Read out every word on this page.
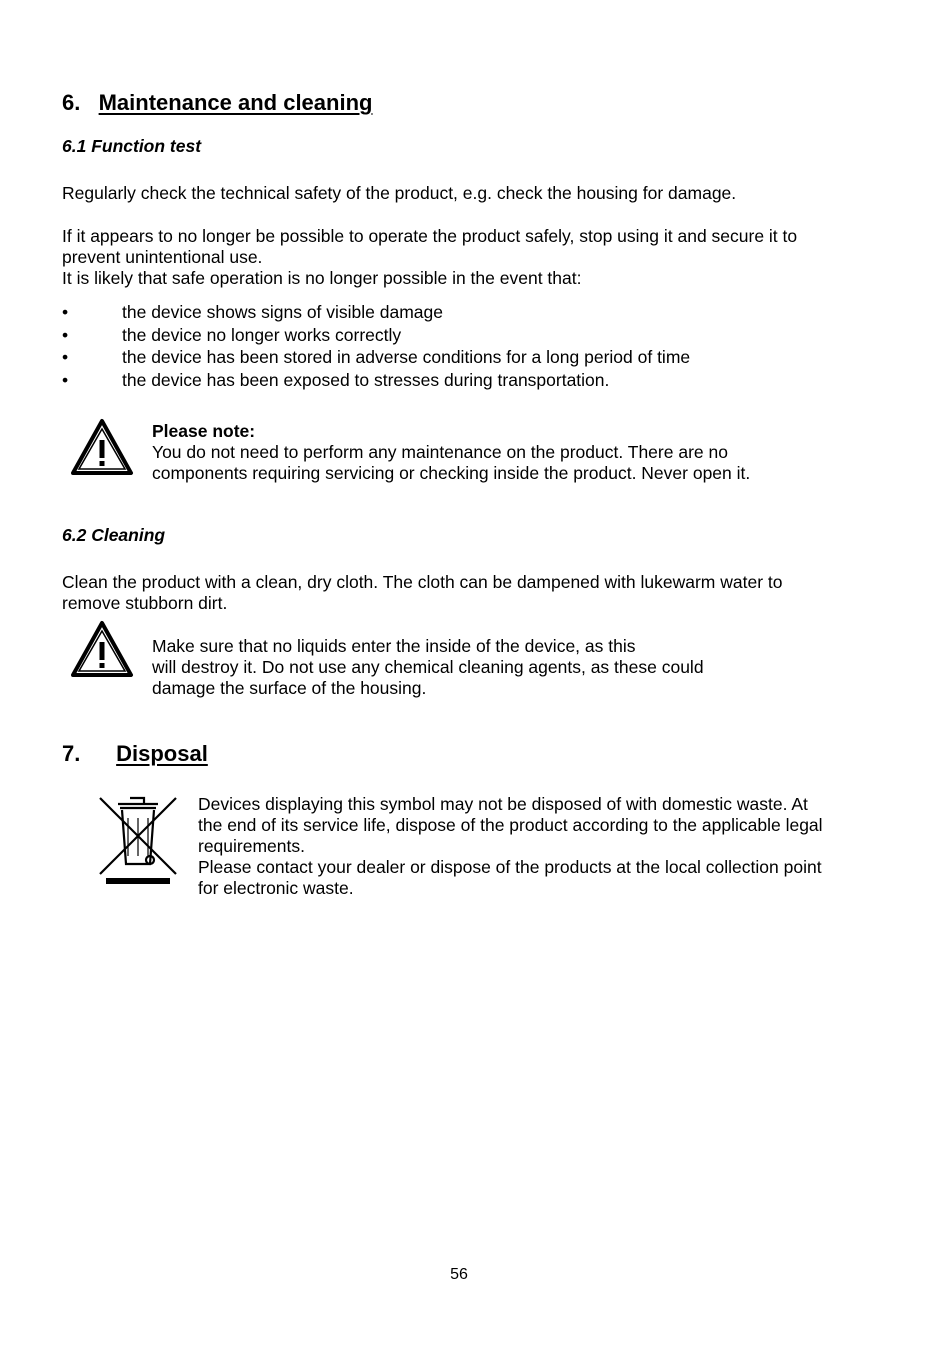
6. Maintenance and cleaning
6.1 Function test
Regularly check the technical safety of the product, e.g. check the housing for damage.
If it appears to no longer be possible to operate the product safely, stop using it and secure it to
prevent unintentional use.
It is likely that safe operation is no longer possible in the event that:
•	the device shows signs of visible damage
•	the device no longer works correctly
•	the device has been stored in adverse conditions for a long period of time
•	the device has been exposed to stresses during transportation.
Please note:
You do not need to perform any maintenance on the product. There are no
components requiring servicing or checking inside the product. Never open it.
6.2 Cleaning
Clean the product with a clean, dry cloth. The cloth can be dampened with lukewarm water to
remove stubborn dirt.
Make sure that no liquids enter the inside of the device, as this
will destroy it. Do not use any chemical cleaning agents, as these could
damage the surface of the housing.
7. Disposal
Devices displaying this symbol may not be disposed of with domestic waste. At
the end of its service life, dispose of the product according to the applicable legal
requirements.
Please contact your dealer or dispose of the products at the local collection point
for electronic waste.
56
